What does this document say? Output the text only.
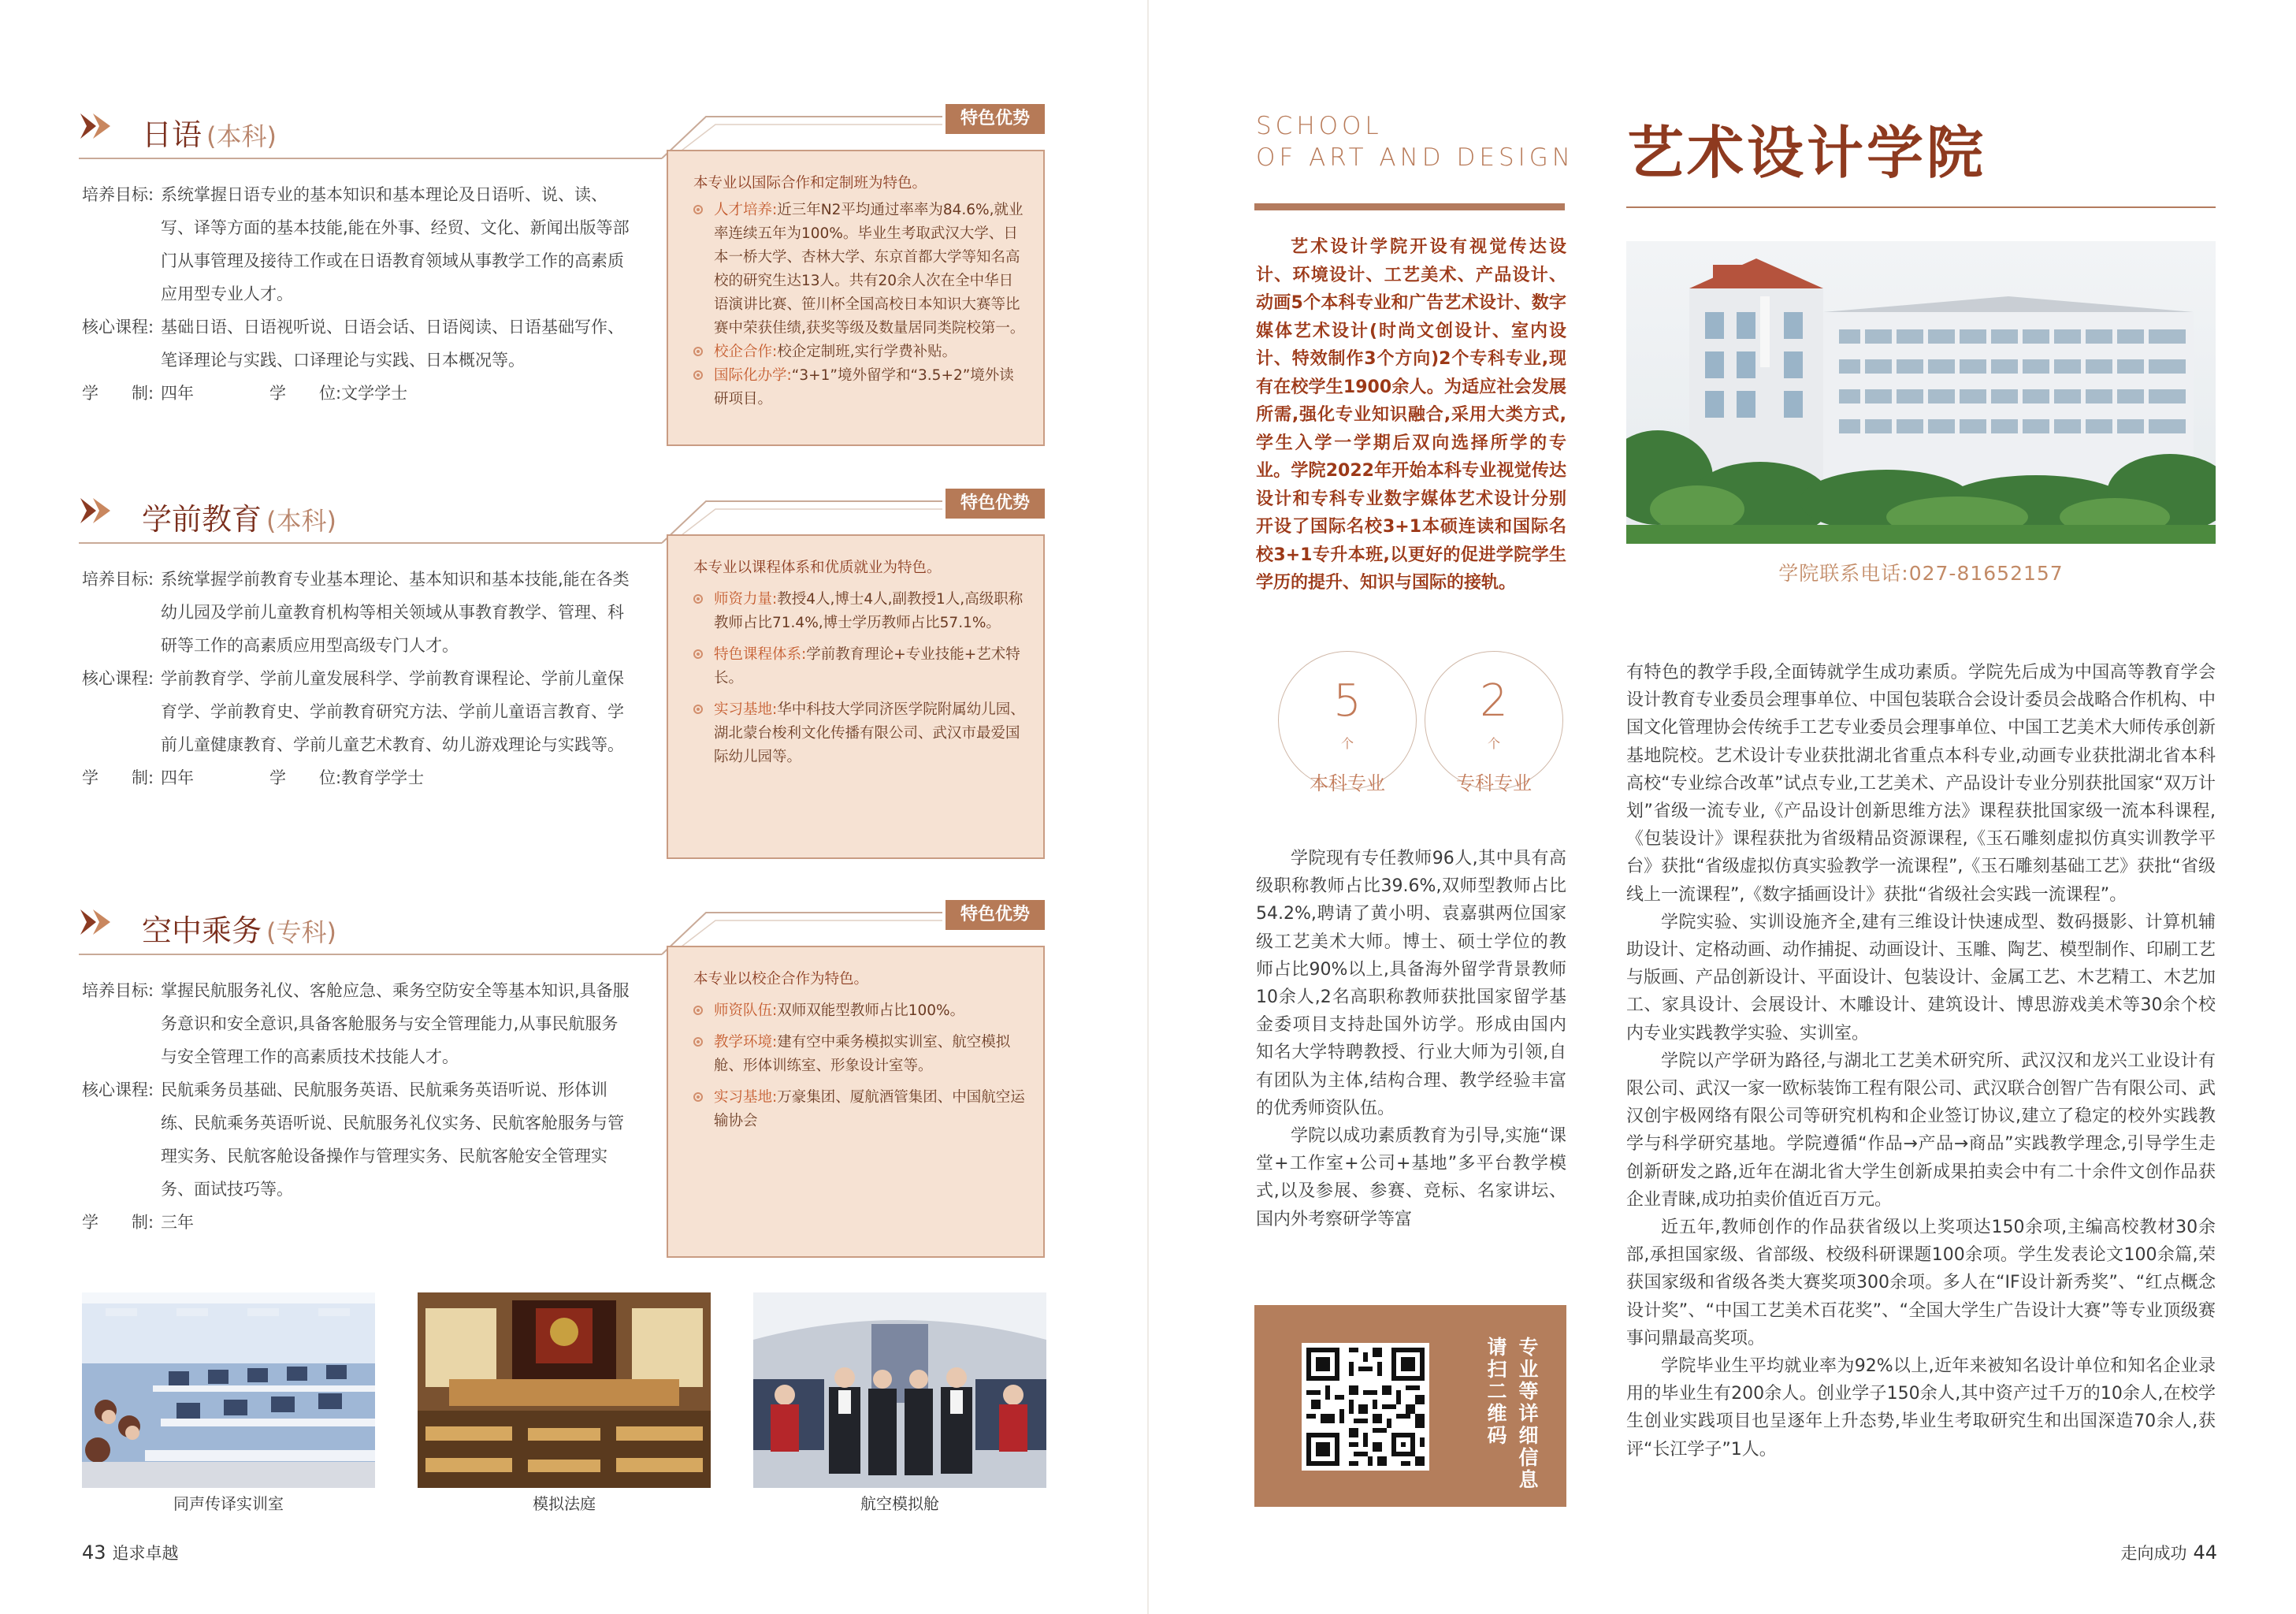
日语 (本科)
特色优势
培养目标: 系统掌握日语专业的基本知识和基本理论及日语听、说、读、写、译等方面的基本技能,能在外事、经贸、文化、新闻出版等部门从事管理及接待工作或在日语教育领域从事教学工作的高素质应用型专业人才。
核心课程: 基础日语、日语视听说、日语会话、日语阅读、日语基础写作、笔译理论与实践、口译理论与实践、日本概况等。
学　　制: 四年	学　　位:文学学士
本专业以国际合作和定制班为特色。
人才培养:近三年N2平均通过率率为84.6%,就业率连续五年为100%。毕业生考取武汉大学、日本一桥大学、杏林大学、东京首都大学等知名高校的研究生达13人。共有20余人次在全中华日语演讲比赛、笹川杯全国高校日本知识大赛等比赛中荣获佳绩,获奖等级及数量居同类院校第一。
校企合作:校企定制班,实行学费补贴。
国际化办学:“3+1”境外留学和“3.5+2”境外读研项目。
学前教育 (本科)
特色优势
培养目标: 系统掌握学前教育专业基本理论、基本知识和基本技能,能在各类幼儿园及学前儿童教育机构等相关领域从事教育教学、管理、科研等工作的高素质应用型高级专门人才。
核心课程: 学前教育学、学前儿童发展科学、学前教育课程论、学前儿童保育学、学前教育史、学前教育研究方法、学前儿童语言教育、学前儿童健康教育、学前儿童艺术教育、幼儿游戏理论与实践等。
学　　制: 四年	学　　位:教育学学士
本专业以课程体系和优质就业为特色。
师资力量:教授4人,博士4人,副教授1人,高级职称教师占比71.4%,博士学历教师占比57.1%。
特色课程体系:学前教育理论+专业技能+艺术特长。
实习基地:华中科技大学同济医学院附属幼儿园、湖北蒙台梭利文化传播有限公司、武汉市最爱国际幼儿园等。
空中乘务 (专科)
特色优势
培养目标: 掌握民航服务礼仪、客舱应急、乘务空防安全等基本知识,具备服务意识和安全意识,具备客舱服务与安全管理能力,从事民航服务与安全管理工作的高素质技术技能人才。
核心课程: 民航乘务员基础、民航服务英语、民航乘务英语听说、形体训练、民航乘务英语听说、民航服务礼仪实务、民航客舱服务与管理实务、民航客舱设备操作与管理实务、民航客舱安全管理实务、面试技巧等。
学　　制: 三年
本专业以校企合作为特色。
师资队伍:双师双能型教师占比100%。
教学环境:建有空中乘务模拟实训室、航空模拟舱、形体训练室、形象设计室等。
实习基地:万豪集团、厦航酒管集团、中国航空运输协会
同声传译实训室	模拟法庭	航空模拟舱
43 追求卓越
SCHOOL
OF ART AND DESIGN 艺术设计学院
艺术设计学院开设有视觉传达设计、环境设计、工艺美术、产品设计、动画5个本科专业和广告艺术设计、数字媒体艺术设计(时尚文创设计、室内设计、特效制作3个方向)2个专科专业,现有在校学生1900余人。为适应社会发展所需,强化专业知识融合,采用大类方式,学生入学一学期后双向选择所学的专业。学院2022年开始本科专业视觉传达设计和专科专业数字媒体艺术设计分别开设了国际名校3+1本硕连读和国际名校3+1专升本班,以更好的促进学院学生学历的提升、知识与国际的接轨。	学院联系电话:027-81652157
5
个
本科专业
2
个
专科专业

学院现有专任教师96人,其中具有高级职称教师占比39.6%,双师型教师占比54.2%,聘请了黄小明、袁嘉骐两位国家级工艺美术大师。博士、硕士学位的教师占比90%以上,具备海外留学背景教师10余人,2名高职称教师获批国家留学基金委项目支持赴国外访学。形成由国内知名大学特聘教授、行业大师为引领,自有团队为主体,结构合理、教学经验丰富的优秀师资队伍。

学院以成功素质教育为引导,实施“课堂+工作室+公司+基地”多平台教学模式,以及参展、参赛、竞标、名家讲坛、国内外考察研学等富

专业等详细信息
请扫二维码

有特色的教学手段,全面铸就学生成功素质。学院先后成为中国高等教育学会设计教育专业委员会理事单位、中国包装联合会设计委员会战略合作机构、中国文化管理协会传统手工艺专业委员会理事单位、中国工艺美术大师传承创新基地院校。艺术设计专业获批湖北省重点本科专业,动画专业获批湖北省本科高校“专业综合改革”试点专业,工艺美术、产品设计专业分别获批国家“双万计划”省级一流专业,《产品设计创新思维方法》课程获批国家级一流本科课程,《包装设计》课程获批为省级精品资源课程,《玉石雕刻虚拟仿真实训教学平台》获批“省级虚拟仿真实验教学一流课程”,《玉石雕刻基础工艺》获批“省级线上一流课程”,《数字插画设计》获批“省级社会实践一流课程”。

学院实验、实训设施齐全,建有三维设计快速成型、数码摄影、计算机辅助设计、定格动画、动作捕捉、动画设计、玉雕、陶艺、模型制作、印刷工艺与版画、产品创新设计、平面设计、包装设计、金属工艺、木艺精工、木艺加工、家具设计、会展设计、木雕设计、建筑设计、博思游戏美术等30余个校内专业实践教学实验、实训室。

学院以产学研为路径,与湖北工艺美术研究所、武汉汉和龙兴工业设计有限公司、武汉一家一欧标装饰工程有限公司、武汉联合创智广告有限公司、武汉创宇极网络有限公司等研究机构和企业签订协议,建立了稳定的校外实践教学与科学研究基地。学院遵循“作品→产品→商品”实践教学理念,引导学生走创新研发之路,近年在湖北省大学生创新成果拍卖会中有二十余件文创作品获企业青睐,成功拍卖价值近百万元。

近五年,教师创作的作品获省级以上奖项达150余项,主编高校教材30余部,承担国家级、省部级、校级科研课题100余项。学生发表论文100余篇,荣获国家级和省级各类大赛奖项300余项。多人在“IF设计新秀奖”、“红点概念设计奖”、“中国工艺美术百花奖”、“全国大学生广告设计大赛”等专业顶级赛事问鼎最高奖项。

学院毕业生平均就业率为92%以上,近年来被知名设计单位和知名企业录用的毕业生有200余人。创业学子150余人,其中资产过千万的10余人,在校学生创业实践项目也呈逐年上升态势,毕业生考取研究生和出国深造70余人,获评“长江学子”1人。

走向成功 44
